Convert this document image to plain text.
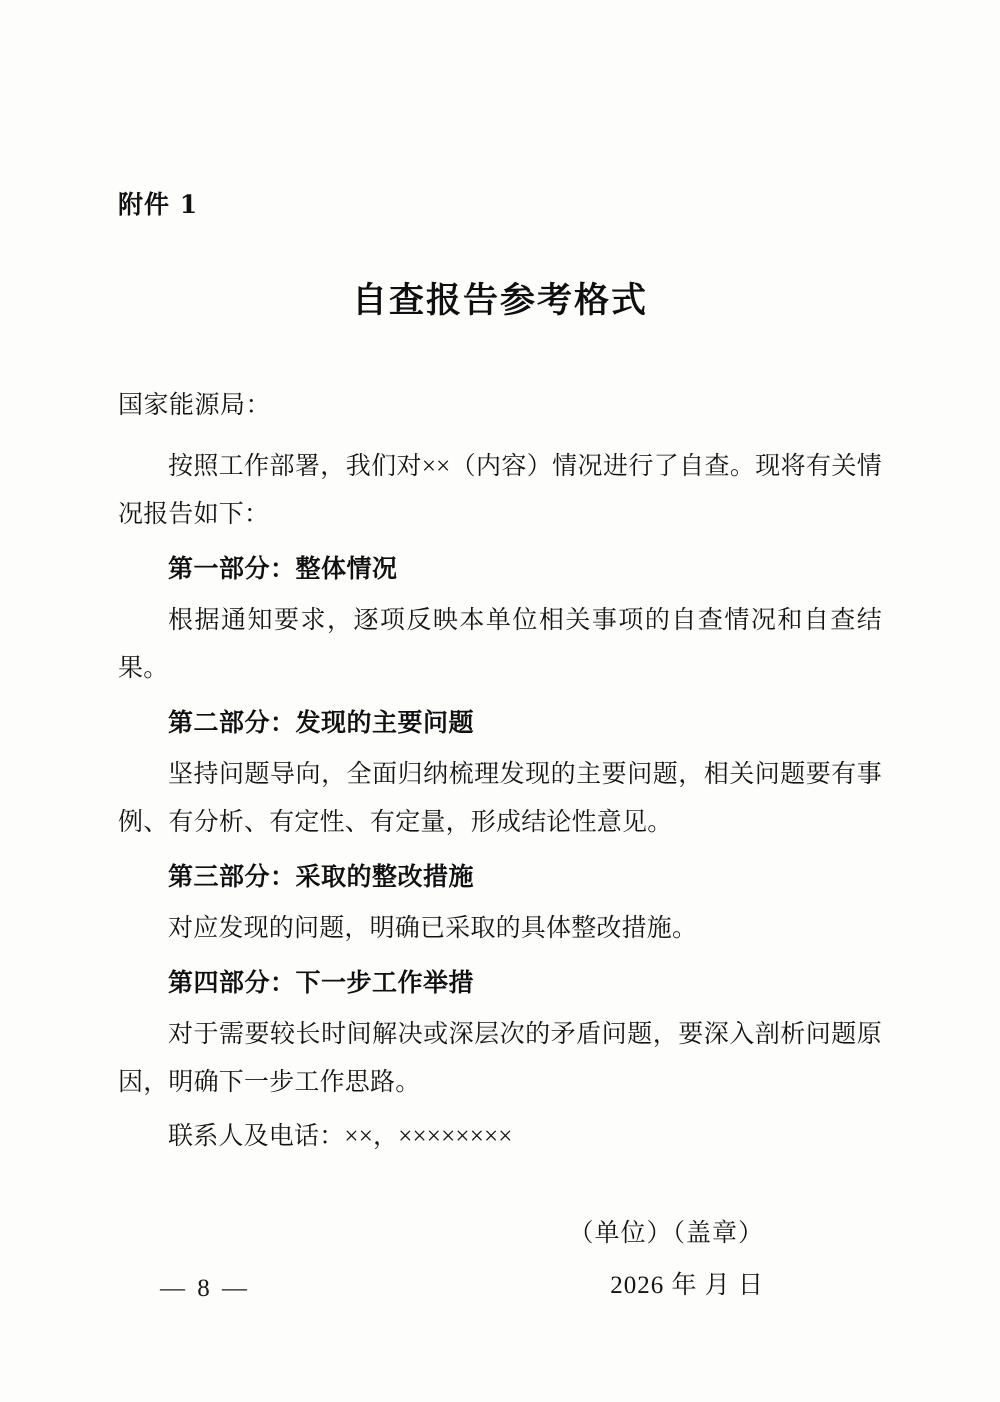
附件 1
自查报告参考格式
国家能源局：

按照工作部署，我们对××（内容）情况进行了自查。现将有关情况报告如下：

第一部分：整体情况

根据通知要求，逐项反映本单位相关事项的自查情况和自查结果。

第二部分：发现的主要问题

坚持问题导向，全面归纳梳理发现的主要问题，相关问题要有事例、有分析、有定性、有定量，形成结论性意见。

第三部分：采取的整改措施

对应发现的问题，明确已采取的具体整改措施。

第四部分：下一步工作举措

对于需要较长时间解决或深层次的矛盾问题，要深入剖析问题原因，明确下一步工作思路。

联系人及电话：××，××××××××

（单位）（盖章）
2026 年 月 日
— 8 —
